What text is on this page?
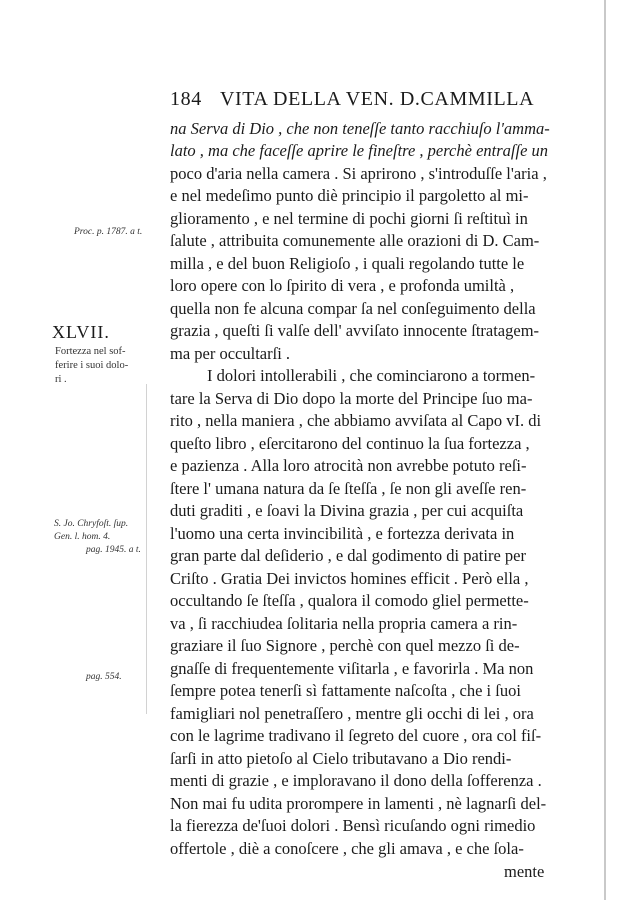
184 VITA DELLA VEN. D.CAMMILLA
Proc. p. 1787. a t.
XLVII.
Fortezza nel sof-
ferire i suoi dolo-
ri .
S. Jo. Chryfoſt. ſup.
Gen. l. hom. 4.
pag. 1945. a t.
pag. 554.
na Serva di Dio , che non teneſſe tanto racchiuſo l'amma-
lato , ma che faceſſe aprire le fineſtre , perchè entraſſe un
poco d'aria nella camera . Si aprirono , s'introduſſe l'aria ,
e nel medeſimo punto diè principio il pargoletto al mi-
glioramento , e nel termine di pochi giorni ſi reſtituì in
ſalute , attribuita comunemente alle orazioni di D. Cam-
milla , e del buon Religioſo , i quali regolando tutte le
loro opere con lo ſpirito di vera , e profonda umiltà ,
quella non fe alcuna compar ſa nel conſeguimento della
grazia , queſti ſi valſe dell' avviſato innocente ſtratagem-
ma per occultarſi .
I dolori intollerabili , che cominciarono a tormen-
tare la Serva di Dio dopo la morte del Principe ſuo ma-
rito , nella maniera , che abbiamo avviſata al Capo vI. di
queſto libro , eſercitarono del continuo la ſua fortezza ,
e pazienza . Alla loro atrocità non avrebbe potuto reſi-
ſtere l' umana natura da ſe ſteſſa , ſe non gli aveſſe ren-
duti graditi , e ſoavi la Divina grazia , per cui acquiſta
l'uomo una certa invincibilità , e fortezza derivata in
gran parte dal deſiderio , e dal godimento di patire per
Criſto . Gratia Dei invictos homines efficit . Però ella ,
occultando ſe ſteſſa , qualora il comodo gliel permette-
va , ſi racchiudea ſolitaria nella propria camera a rin-
graziare il ſuo Signore , perchè con quel mezzo ſi de-
gnaſſe di frequentemente viſitarla , e favorirla . Ma non
ſempre potea tenerſi sì fattamente naſcoſta , che i ſuoi
famigliari nol penetraſſero , mentre gli occhi di lei , ora
con le lagrime tradivano il ſegreto del cuore , ora col fiſ-
ſarſi in atto pietoſo al Cielo tributavano a Dio rendi-
menti di grazie , e imploravano il dono della ſofferenza .
Non mai fu udita prorompere in lamenti , nè lagnarſi del-
la fierezza de'ſuoi dolori . Bensì ricuſando ogni rimedio
offertole , diè a conoſcere , che gli amava , e che ſola-
mente
